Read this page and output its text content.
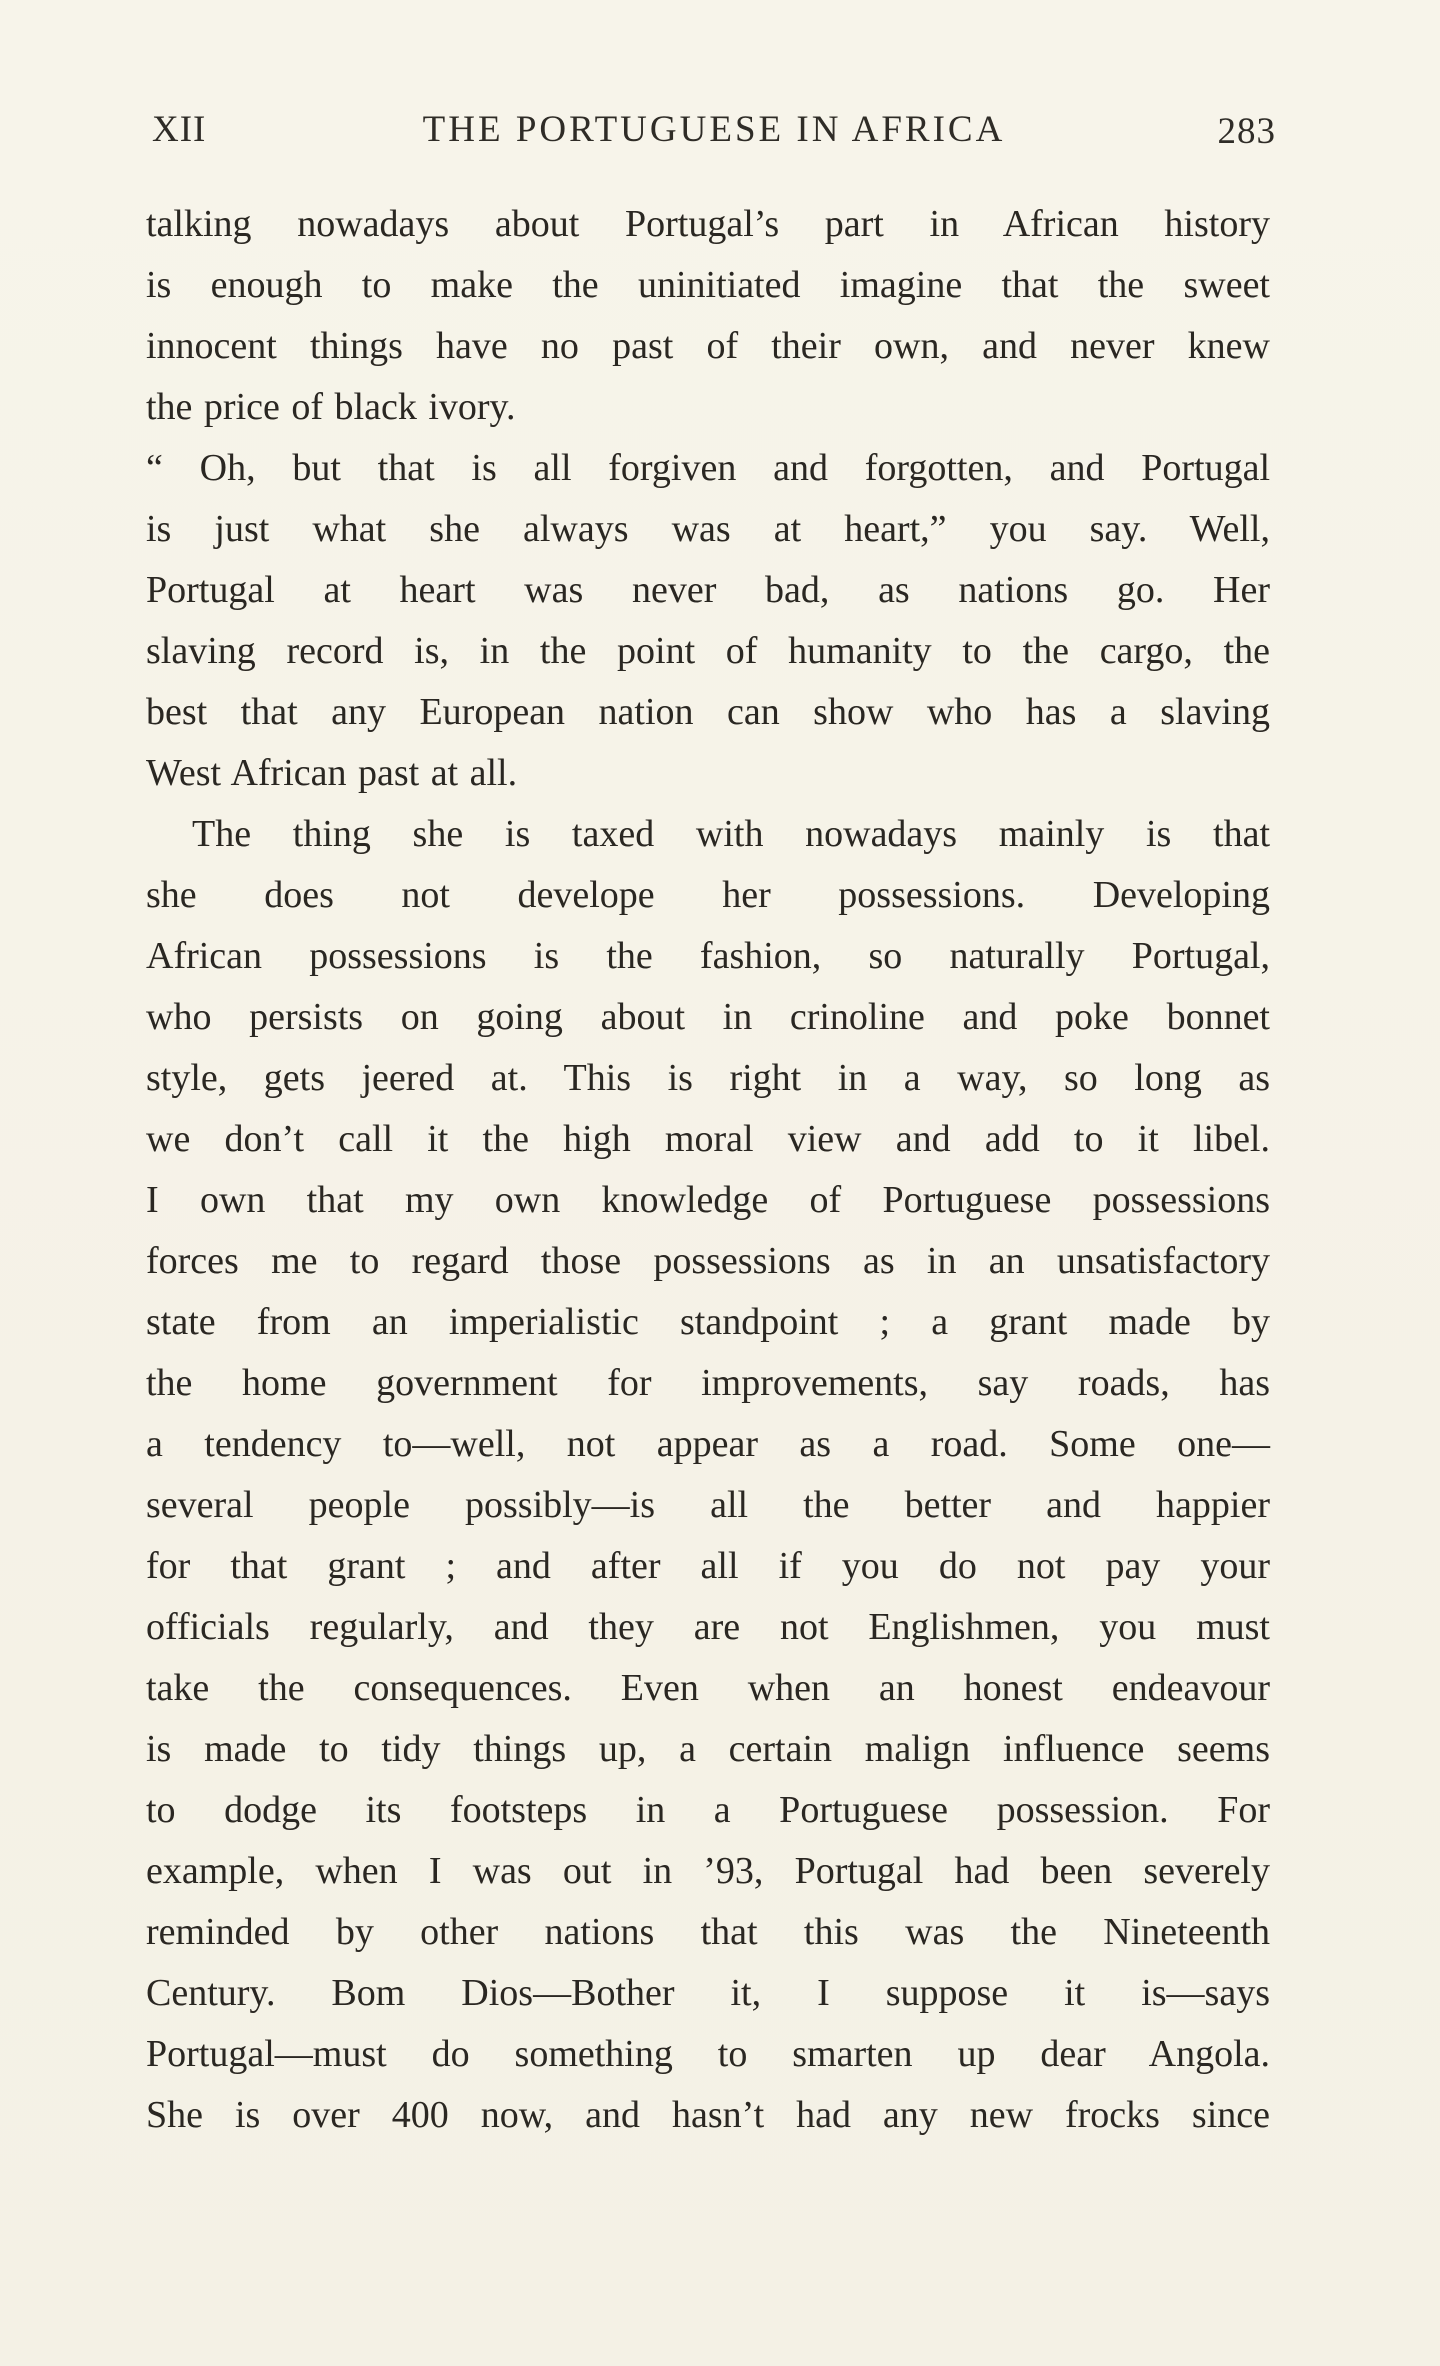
XII	THE PORTUGUESE IN AFRICA	283
talking nowadays about Portugal’s part in African history
is enough to make the uninitiated imagine that the sweet
innocent things have no past of their own, and never knew
the price of black ivory.
“ Oh, but that is all forgiven and forgotten, and Portugal
is just what she always was at heart,” you say. Well,
Portugal at heart was never bad, as nations go. Her
slaving record is, in the point of humanity to the cargo, the
best that any European nation can show who has a slaving
West African past at all.
The thing she is taxed with nowadays mainly is that
she does not develope her possessions. Developing
African possessions is the fashion, so naturally Portugal,
who persists on going about in crinoline and poke bonnet
style, gets jeered at. This is right in a way, so long as
we don’t call it the high moral view and add to it libel.
I own that my own knowledge of Portuguese possessions
forces me to regard those possessions as in an unsatisfactory
state from an imperialistic standpoint ; a grant made by
the home government for improvements, say roads, has
a tendency to—well, not appear as a road. Some one—
several people possibly—is all the better and happier
for that grant ; and after all if you do not pay your
officials regularly, and they are not Englishmen, you must
take the consequences. Even when an honest endeavour
is made to tidy things up, a certain malign influence seems
to dodge its footsteps in a Portuguese possession. For
example, when I was out in ’93, Portugal had been severely
reminded by other nations that this was the Nineteenth
Century. Bom Dios—Bother it, I suppose it is—says
Portugal—must do something to smarten up dear Angola.
She is over 400 now, and hasn’t had any new frocks since
